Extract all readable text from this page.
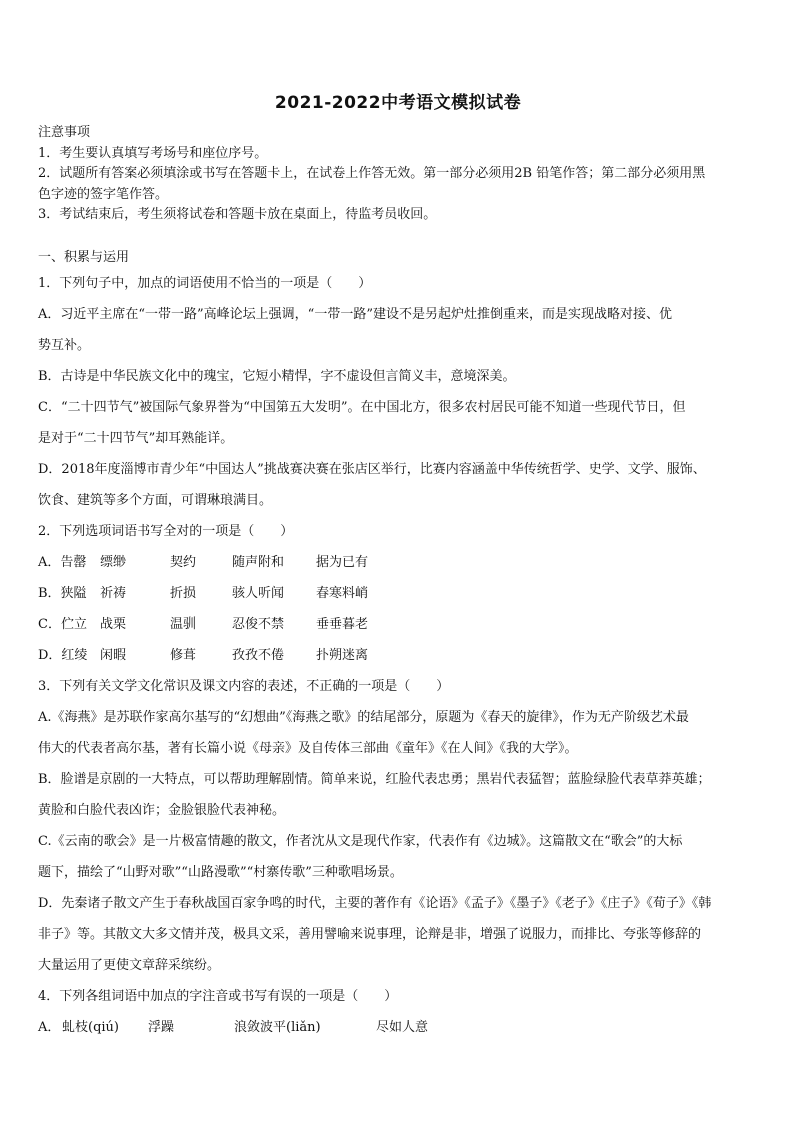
2021-2022中考语文模拟试卷

注意事项

1．考生要认真填写考场号和座位序号。

2．试题所有答案必须填涂或书写在答题卡上，在试卷上作答无效。第一部分必须用2B 铅笔作答；第二部分必须用黑

色字迹的签字笔作答。

3．考试结束后，考生须将试卷和答题卡放在桌面上，待监考员收回。

一、积累与运用

1．下列句子中，加点的词语使用不恰当的一项是（　　）

A．习近平主席在“一带一路”高峰论坛上强调，“一带一路”建设不是另起炉灶推倒重来，而是实现战略对接、优

势互补。

B．古诗是中华民族文化中的瑰宝，它短小精悍，字不虚设但言简义丰，意境深美。

C．“二十四节气”被国际气象界誉为“中国第五大发明”。在中国北方，很多农村居民可能不知道一些现代节日，但

是对于“二十四节气”却耳熟能详。

D．2018年度淄博市青少年“中国达人”挑战赛决赛在张店区举行，比赛内容涵盖中华传统哲学、史学、文学、服饰、

饮食、建筑等多个方面，可谓琳琅满目。

2．下列选项词语书写全对的一项是（　　）

A．告罄	缥缈	契约	随声附和	据为已有
B．狭隘	祈祷	折损	骇人听闻	春寒料峭
C．伫立	战栗	温驯	忍俊不禁	垂垂暮老
D．红绫 闲暇	修葺	孜孜不倦	扑朔迷离

3．下列有关文学文化常识及课文内容的表述，不正确的一项是（　　）

A.《海燕》是苏联作家高尔基写的“幻想曲”《海燕之歌》的结尾部分，原题为《春天的旋律》，作为无产阶级艺术最

伟大的代表者高尔基，著有长篇小说《母亲》及自传体三部曲《童年》《在人间》《我的大学》。

B．脸谱是京剧的一大特点，可以帮助理解剧情。简单来说，红脸代表忠勇；黑岩代表猛智；蓝脸绿脸代表草莽英雄；

黄脸和白脸代表凶诈；金脸银脸代表神秘。

C.《云南的歌会》是一片极富情趣的散文，作者沈从文是现代作家，代表作有《边城》。这篇散文在“歌会”的大标

题下，描绘了“山野对歌”“山路漫歌”“村寨传歌”三种歌唱场景。

D．先秦诸子散文产生于春秋战国百家争鸣的时代，主要的著作有《论语》《孟子》《墨子》《老子》《庄子》《荀子》《韩

非子》等。其散文大多文情并茂，极具文采，善用譬喻来说事理，论辩是非，增强了说服力，而排比、夸张等修辞的

大量运用了更使文章辞采缤纷。

4．下列各组词语中加点的字注音或书写有误的一项是（　　）

A． 虬枝(qiú)	浮躁	浪敛波平(liǎn)	尽如人意
